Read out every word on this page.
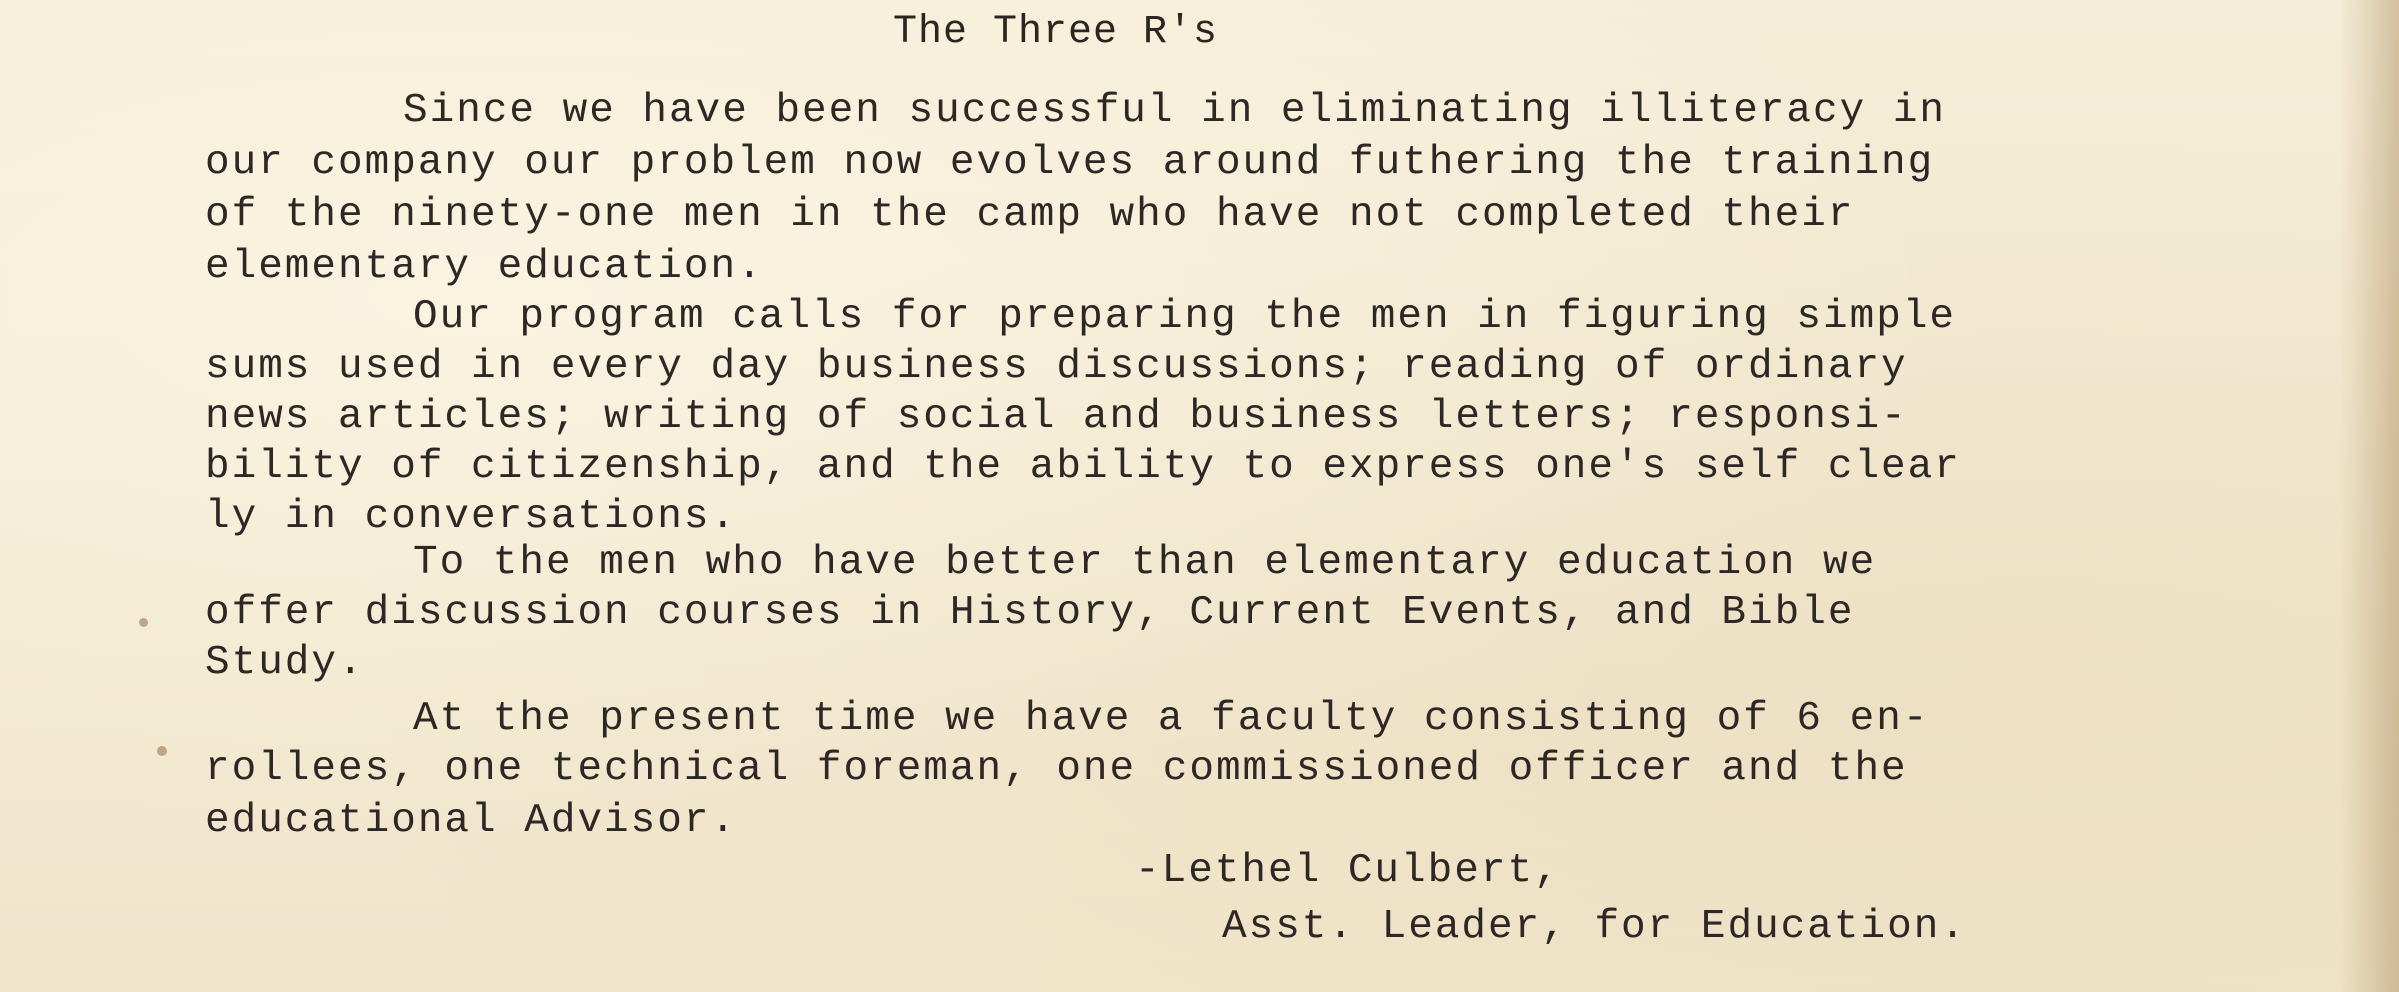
The Three R's
Since we have been successful in eliminating illiteracy in
our company our problem now evolves around futhering the training
of the ninety-one men in the camp who have not completed their
elementary education.
Our program calls for preparing the men in figuring simple
sums used in every day business discussions; reading of ordinary
news articles; writing of social and business letters; responsi-
bility of citizenship, and the ability to express one's self clear
ly in conversations.
To the men who have better than elementary education we
offer discussion courses in History, Current Events, and Bible
Study.
At the present time we have a faculty consisting of 6 en-
rollees, one technical foreman, one commissioned officer and the
educational Advisor.
-Lethel Culbert,
Asst. Leader, for Education.
